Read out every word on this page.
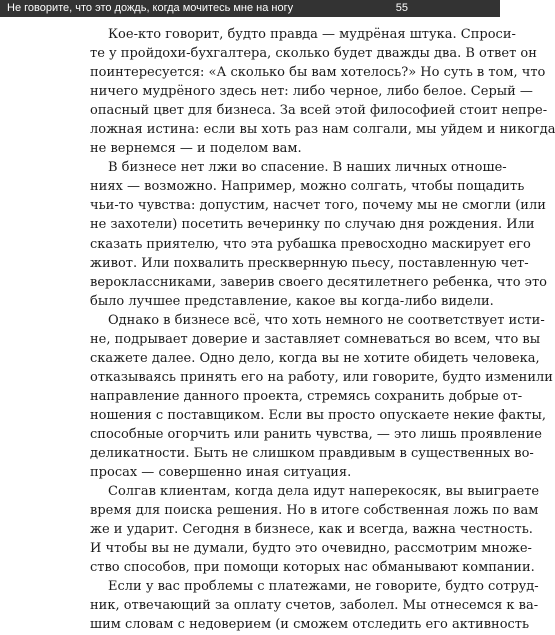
Не говорите, что это дождь, когда мочитесь мне на ногу	55
Кое-кто говорит, будто правда — мудрёная штука. Спроси-
те у пройдохи-бухгалтера, сколько будет дважды два. В ответ он
поинтересуется: «А сколько бы вам хотелось?» Но суть в том, что
ничего мудрёного здесь нет: либо черное, либо белое. Серый —
опасный цвет для бизнеса. За всей этой философией стоит непре-
ложная истина: если вы хоть раз нам солгали, мы уйдем и никогда
не вернемся — и поделом вам.
В бизнесе нет лжи во спасение. В наших личных отноше-
ниях — возможно. Например, можно солгать, чтобы пощадить
чьи-то чувства: допустим, насчет того, почему мы не смогли (или
не захотели) посетить вечеринку по случаю дня рождения. Или
сказать приятелю, что эта рубашка превосходно маскирует его
живот. Или похвалить пресквернную пьесу, поставленную чет-
вероклассниками, заверив своего десятилетнего ребенка, что это
было лучшее представление, какое вы когда-либо видели.
Однако в бизнесе всё, что хоть немного не соответствует исти-
не, подрывает доверие и заставляет сомневаться во всем, что вы
скажете далее. Одно дело, когда вы не хотите обидеть человека,
отказываясь принять его на работу, или говорите, будто изменили
направление данного проекта, стремясь сохранить добрые от-
ношения с поставщиком. Если вы просто опускаете некие факты,
способные огорчить или ранить чувства, — это лишь проявление
деликатности. Быть не слишком правдивым в существенных во-
просах — совершенно иная ситуация.
Солгав клиентам, когда дела идут наперекосяк, вы выиграете
время для поиска решения. Но в итоге собственная ложь по вам
же и ударит. Сегодня в бизнесе, как и всегда, важна честность.
И чтобы вы не думали, будто это очевидно, рассмотрим множе-
ство способов, при помощи которых нас обманывают компании.
Если у вас проблемы с платежами, не говорите, будто сотруд-
ник, отвечающий за оплату счетов, заболел. Мы отнесемся к ва-
шим словам с недоверием (и сможем отследить его активность
